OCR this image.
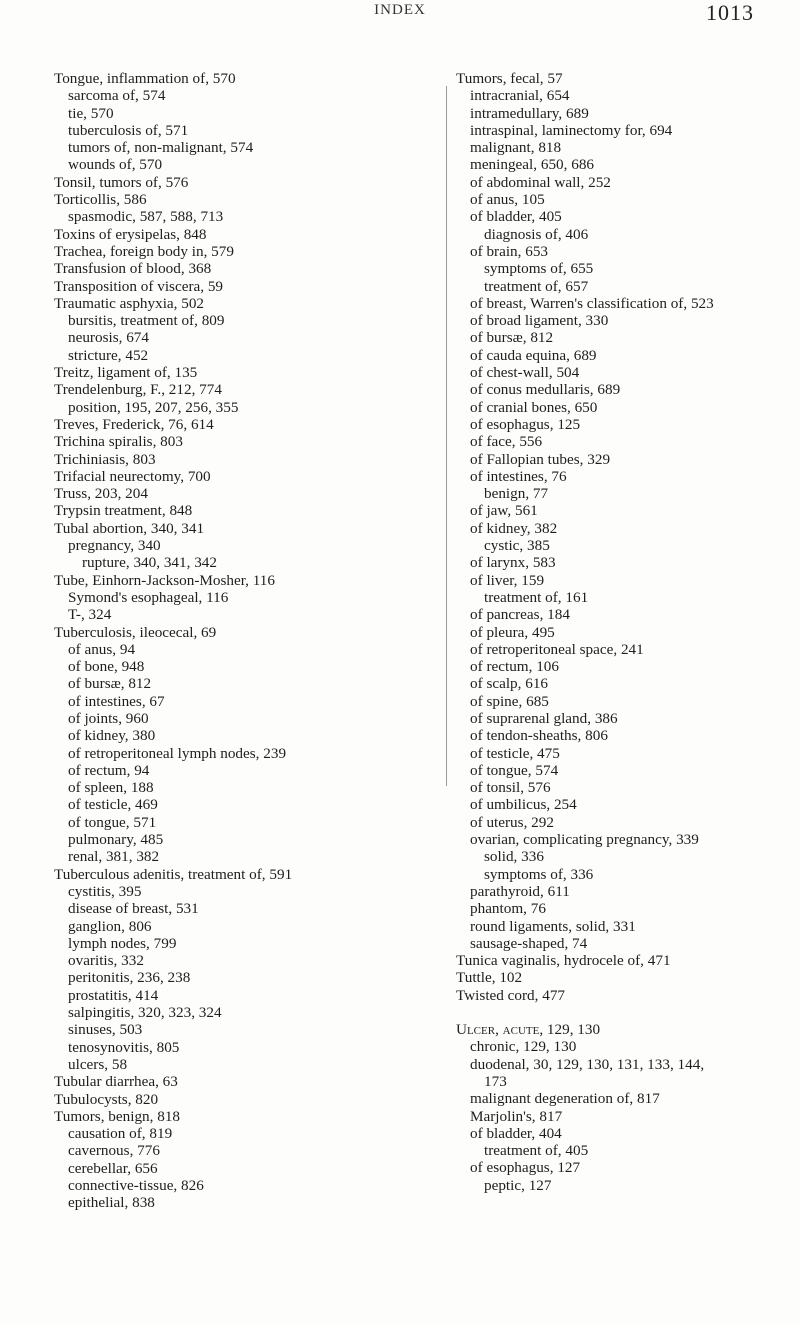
INDEX	1013
Tongue, inflammation of, 570
sarcoma of, 574
tie, 570
tuberculosis of, 571
tumors of, non-malignant, 574
wounds of, 570
Tonsil, tumors of, 576
Torticollis, 586
spasmodic, 587, 588, 713
Toxins of erysipelas, 848
Trachea, foreign body in, 579
Transfusion of blood, 368
Transposition of viscera, 59
Traumatic asphyxia, 502
bursitis, treatment of, 809
neurosis, 674
stricture, 452
Treitz, ligament of, 135
Trendelenburg, F., 212, 774
position, 195, 207, 256, 355
Treves, Frederick, 76, 614
Trichina spiralis, 803
Trichiniasis, 803
Trifacial neurectomy, 700
Truss, 203, 204
Trypsin treatment, 848
Tubal abortion, 340, 341
pregnancy, 340
rupture, 340, 341, 342
Tube, Einhorn-Jackson-Mosher, 116
Symond's esophageal, 116
T-, 324
Tuberculosis, ileocecal, 69
of anus, 94
of bone, 948
of bursæ, 812
of intestines, 67
of joints, 960
of kidney, 380
of retroperitoneal lymph nodes, 239
of rectum, 94
of spleen, 188
of testicle, 469
of tongue, 571
pulmonary, 485
renal, 381, 382
Tuberculous adenitis, treatment of, 591
cystitis, 395
disease of breast, 531
ganglion, 806
lymph nodes, 799
ovaritis, 332
peritonitis, 236, 238
prostatitis, 414
salpingitis, 320, 323, 324
sinuses, 503
tenosynovitis, 805
ulcers, 58
Tubular diarrhea, 63
Tubulocysts, 820
Tumors, benign, 818
causation of, 819
cavernous, 776
cerebellar, 656
connective-tissue, 826
epithelial, 838
Tumors, fecal, 57
intracranial, 654
intramedullary, 689
intraspinal, laminectomy for, 694
malignant, 818
meningeal, 650, 686
of abdominal wall, 252
of anus, 105
of bladder, 405
diagnosis of, 406
of brain, 653
symptoms of, 655
treatment of, 657
of breast, Warren's classification of, 523
of broad ligament, 330
of bursæ, 812
of cauda equina, 689
of chest-wall, 504
of conus medullaris, 689
of cranial bones, 650
of esophagus, 125
of face, 556
of Fallopian tubes, 329
of intestines, 76
benign, 77
of jaw, 561
of kidney, 382
cystic, 385
of larynx, 583
of liver, 159
treatment of, 161
of pancreas, 184
of pleura, 495
of retroperitoneal space, 241
of rectum, 106
of scalp, 616
of spine, 685
of suprarenal gland, 386
of tendon-sheaths, 806
of testicle, 475
of tongue, 574
of tonsil, 576
of umbilicus, 254
of uterus, 292
ovarian, complicating pregnancy, 339
solid, 336
symptoms of, 336
parathyroid, 611
phantom, 76
round ligaments, solid, 331
sausage-shaped, 74
Tunica vaginalis, hydrocele of, 471
Tuttle, 102
Twisted cord, 477
Ulcer, acute, 129, 130
chronic, 129, 130
duodenal, 30, 129, 130, 131, 133, 144,
173
malignant degeneration of, 817
Marjolin's, 817
of bladder, 404
treatment of, 405
of esophagus, 127
peptic, 127
